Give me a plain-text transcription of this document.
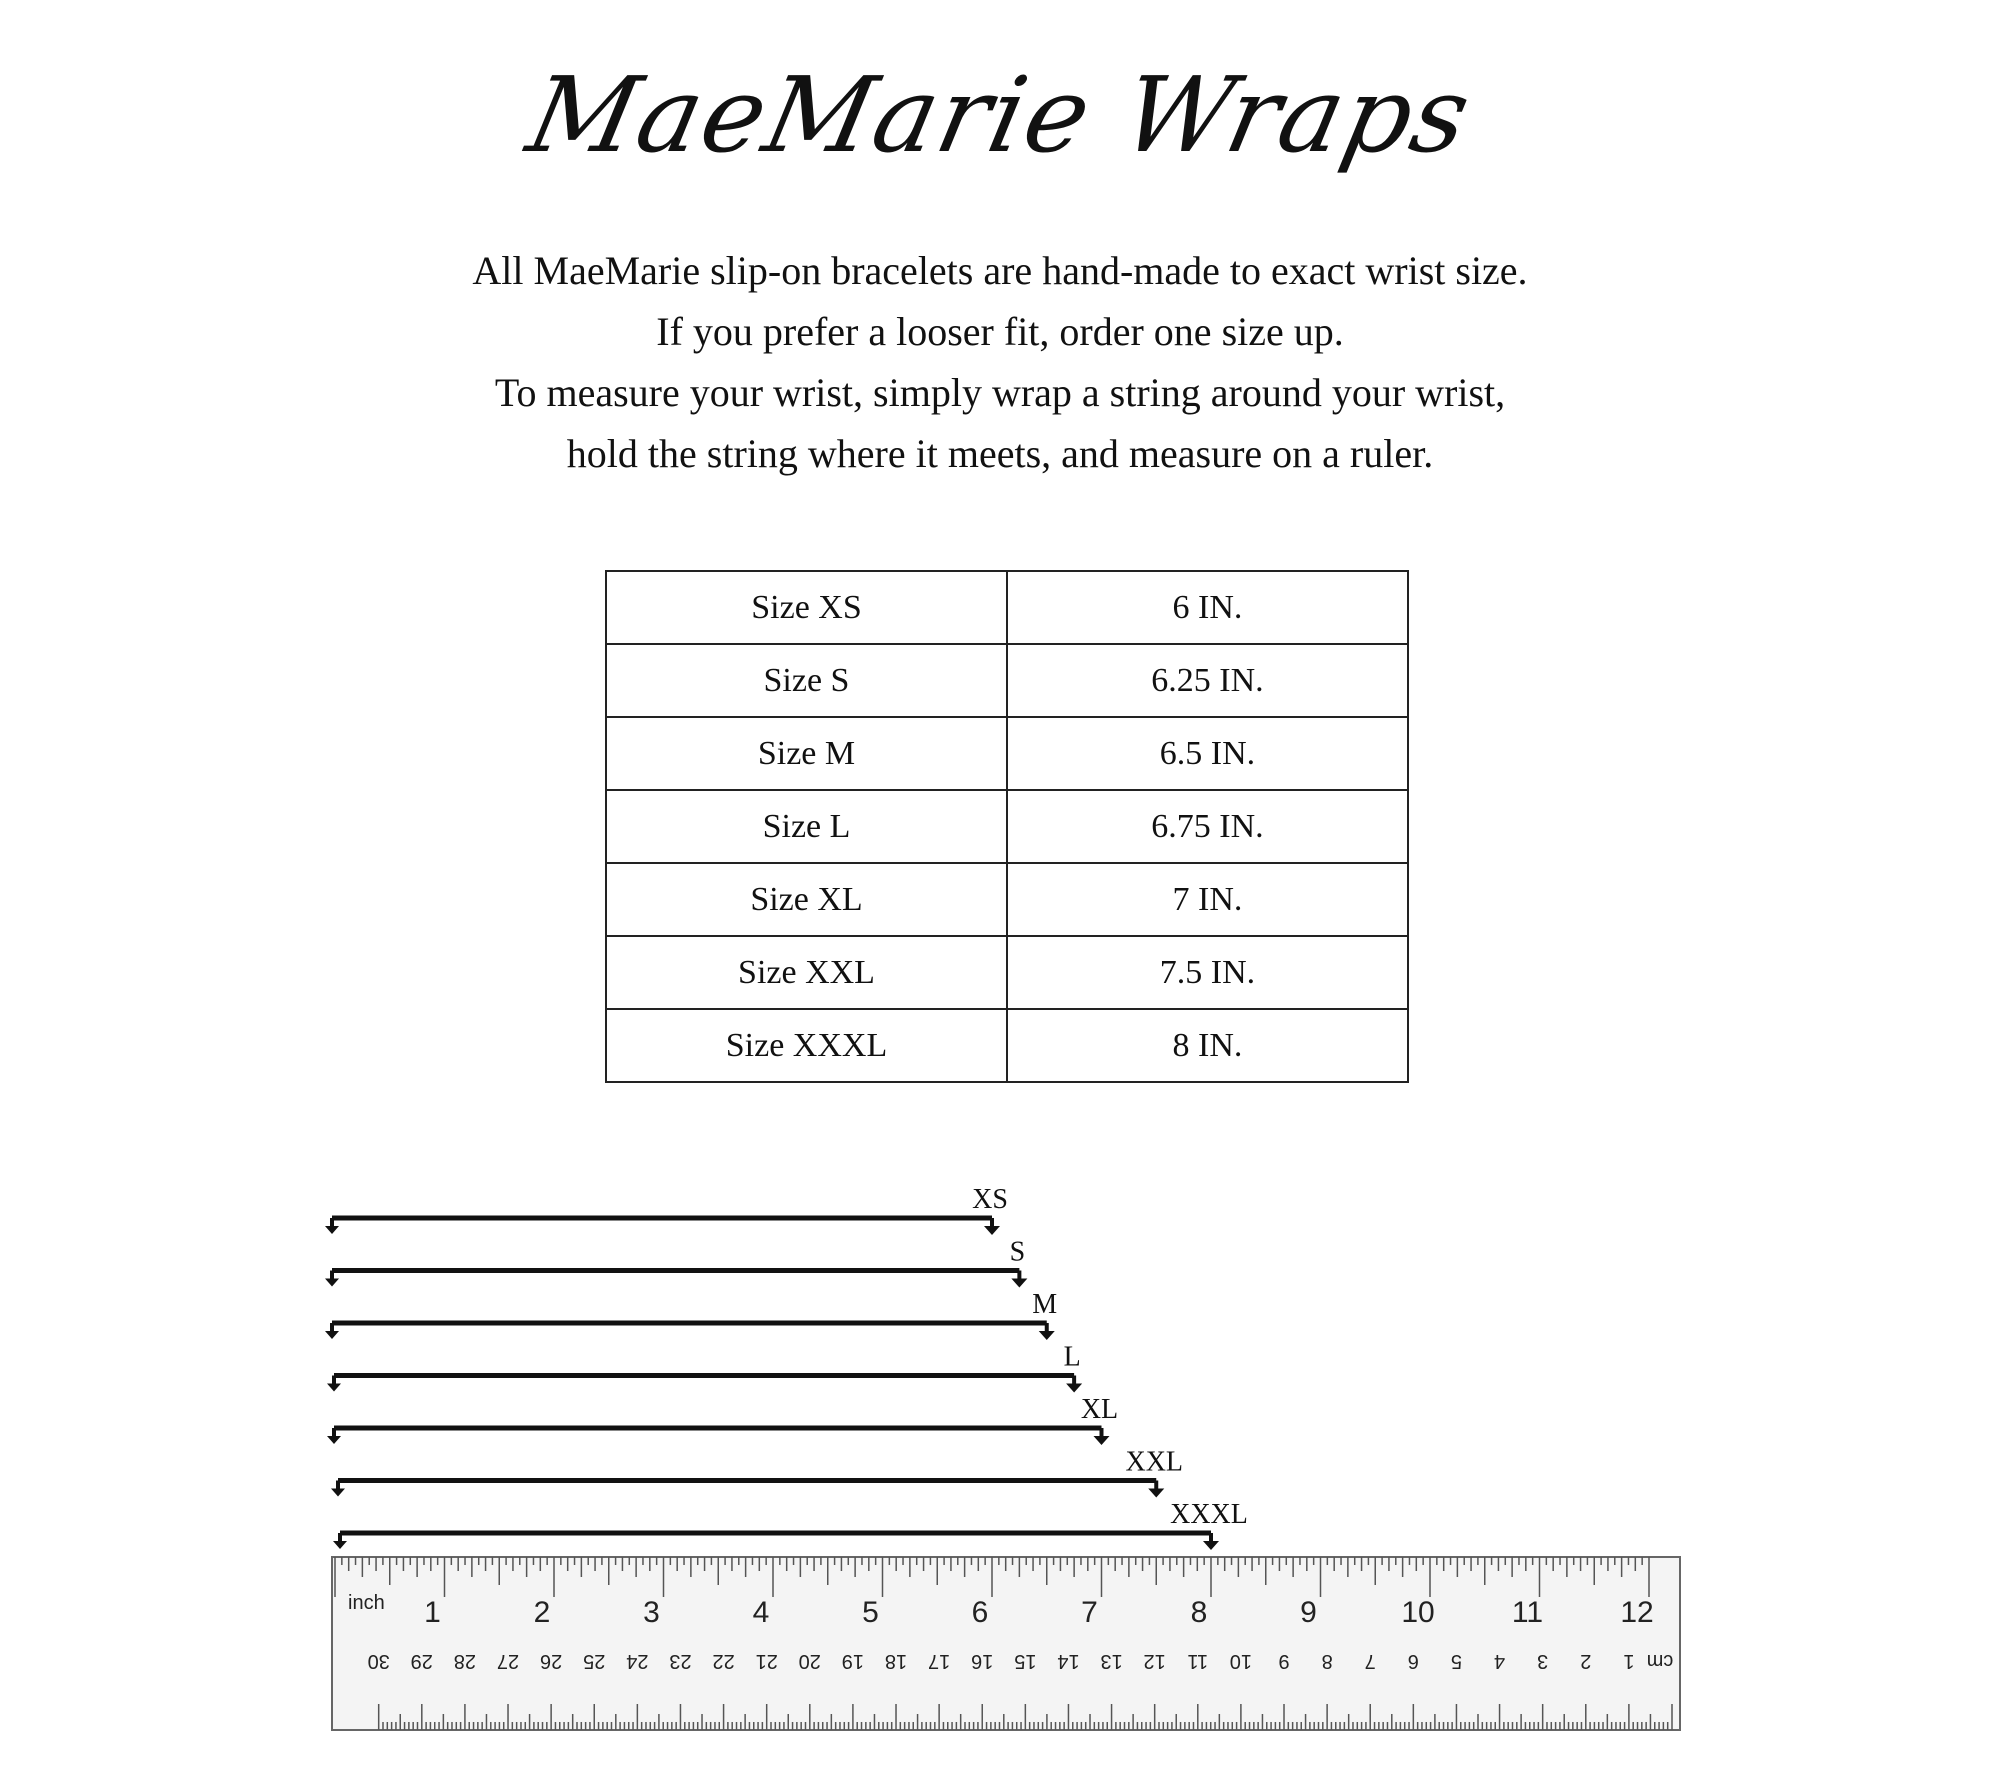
MaeMarie Wraps
All MaeMarie slip-on bracelets are hand-made to exact wrist size.
If you prefer a looser fit, order one size up.
To measure your wrist, simply wrap a string around your wrist,
hold the string where it meets, and measure on a ruler.
Size XS	6 IN.
Size S	6.25 IN.
Size M	6.5 IN.
Size L	6.75 IN.
Size XL	7 IN.
Size XXL	7.5 IN.
Size XXXL	8 IN.
XS
S
M
L
XL
XXL
XXXL
1	2	3	4	5	6	7	8	9	10	11	12
inch
1
2
3
4
5
6
7
8
9
10
11
12
13
14
15
16
17
18
19
20
21
22
23
24
25
26
27
28
29
30	cm
